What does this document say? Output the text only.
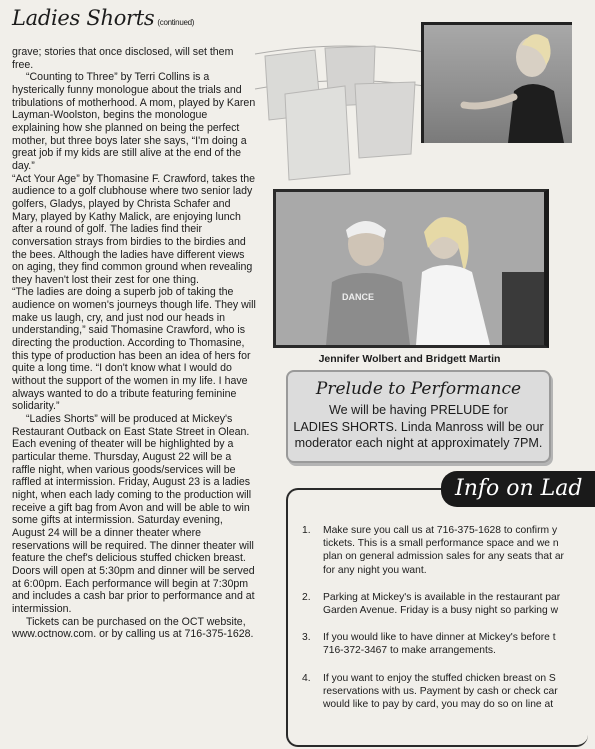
Ladies Shorts (continued)

grave; stories that once disclosed, will set them free.

“Counting to Three” by Terri Collins is a hysterically funny monologue about the trials and tribulations of motherhood. A mom, played by Karen Layman-Woolston, begins the monologue explaining how she planned on being the perfect mother, but three boys later she says, “I'm doing a great job if my kids are still alive at the end of the day.”

“Act Your Age” by Thomasine F. Crawford, takes the audience to a golf clubhouse where two senior lady golfers, Gladys, played by Christa Schafer and Mary, played by Kathy Malick, are enjoying lunch after a round of golf. The ladies find their conversation strays from birdies to the birdies and the bees. Although the ladies have different views on aging, they find common ground when revealing they haven't lost their zest for one thing.

“The ladies are doing a superb job of taking the audience on women's journeys though life. They will make us laugh, cry, and just nod our heads in understanding,” said Thomasine Crawford, who is directing the production. According to Thomasine, this type of production has been an idea of hers for quite a long time. “I don't know what I would do without the support of the women in my life. I have always wanted to do a tribute featuring feminine solidarity.”

“Ladies Shorts” will be produced at Mickey's Restaurant Outback on East State Street in Olean. Each evening of theater will be highlighted by a particular theme. Thursday, August 22 will be a raffle night, when various goods/services will be raffled at intermission. Friday, August 23 is a ladies night, when each lady coming to the production will receive a gift bag from Avon and will be able to win some gifts at intermission. Saturday evening, August 24 will be a dinner theater where reservations will be required. The dinner theater will feature the chef's delicious stuffed chicken breast. Doors will open at 5:30pm and dinner will be served at 6:00pm. Each performance will begin at 7:30pm and includes a cash bar prior to performance and at intermission.

Tickets can be purchased on the OCT website, www.octnow.com. or by calling us at 716-375-1628.

DANCE
Jennifer Wolbert and Bridgett Martin
Prelude to Performance
We will be having PRELUDE for
LADIES SHORTS. Linda Manross will be our
moderator each night at approximately 7PM.
Info on Lad
1.	Make sure you call us at 716-375-1628 to confirm y
tickets. This is a small performance space and we n
plan on general admission sales for any seats that ar
for any night you want.
2.	Parking at Mickey's is available in the restaurant par
Garden Avenue. Friday is a busy night so parking w
3.	If you would like to have dinner at Mickey's before t
716-372-3467 to make arrangements.
4.	If you want to enjoy the stuffed chicken breast on S
reservations with us. Payment by cash or check car
would like to pay by card, you may do so on line at
